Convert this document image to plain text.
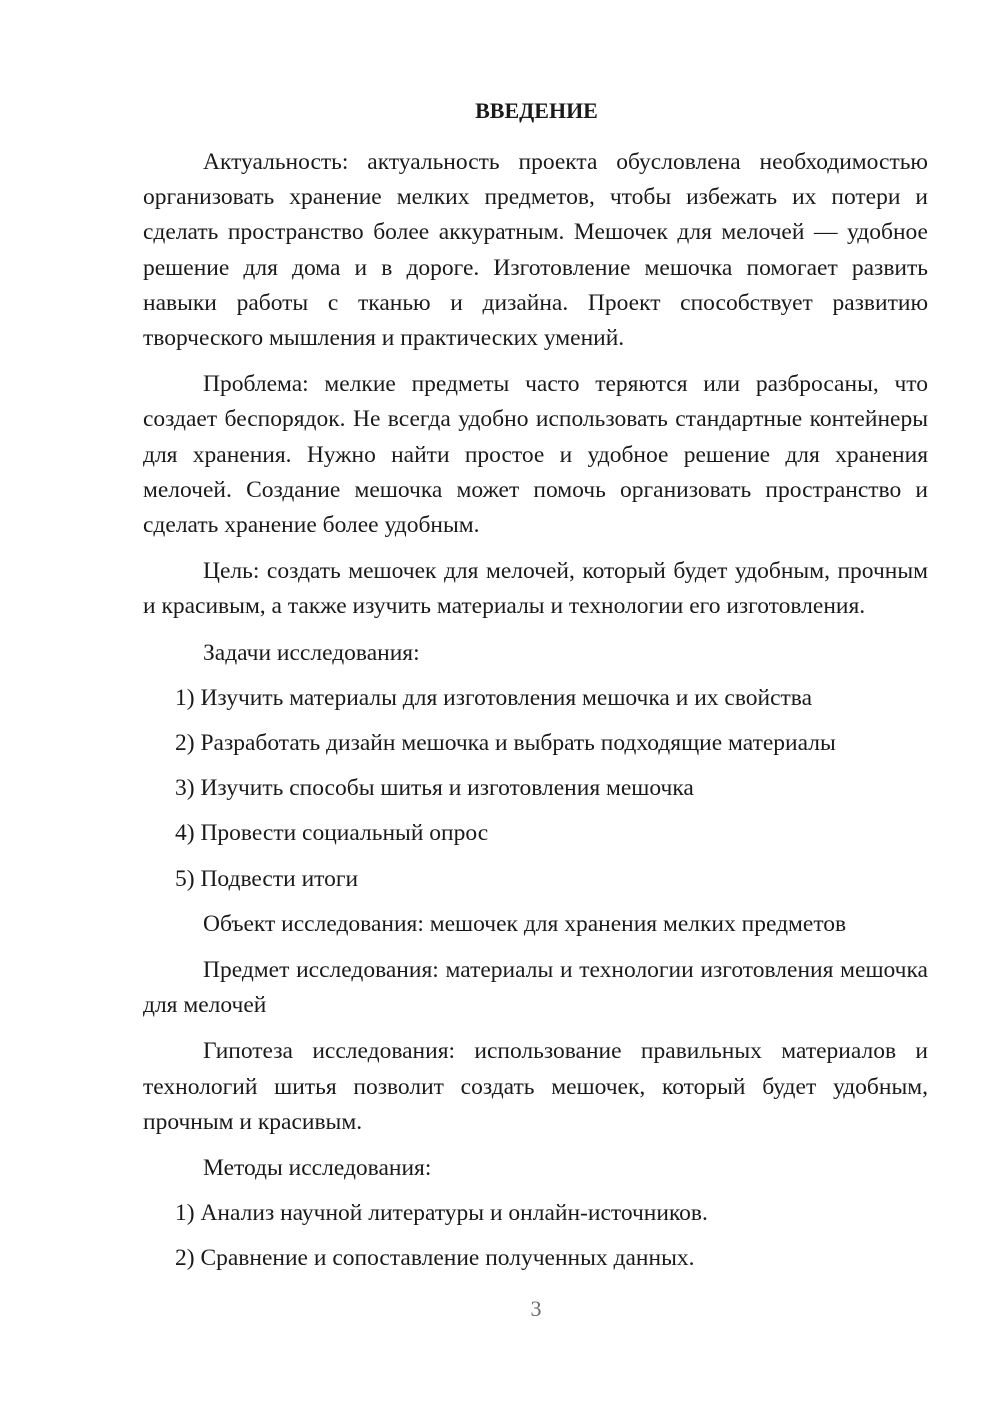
ВВЕДЕНИЕ

Актуальность: актуальность проекта обусловлена необходимостью организовать хранение мелких предметов, чтобы избежать их потери и сделать пространство более аккуратным. Мешочек для мелочей — удобное решение для дома и в дороге. Изготовление мешочка помогает развить навыки работы с тканью и дизайна. Проект способствует развитию творческого мышления и практических умений.

Проблема: мелкие предметы часто теряются или разбросаны, что создает беспорядок. Не всегда удобно использовать стандартные контейнеры для хранения. Нужно найти простое и удобное решение для хранения мелочей. Создание мешочка может помочь организовать пространство и сделать хранение более удобным.

Цель: создать мешочек для мелочей, который будет удобным, прочным и красивым, а также изучить материалы и технологии его изготовления.

Задачи исследования:
1) Изучить материалы для изготовления мешочка и их свойства
2) Разработать дизайн мешочка и выбрать подходящие материалы
3) Изучить способы шитья и изготовления мешочка
4) Провести социальный опрос
5) Подвести итоги

Объект исследования: мешочек для хранения мелких предметов

Предмет исследования: материалы и технологии изготовления мешочка для мелочей

Гипотеза исследования: использование правильных материалов и технологий шитья позволит создать мешочек, который будет удобным, прочным и красивым.

Методы исследования:
1) Анализ научной литературы и онлайн-источников.
2) Сравнение и сопоставление полученных данных.
3
